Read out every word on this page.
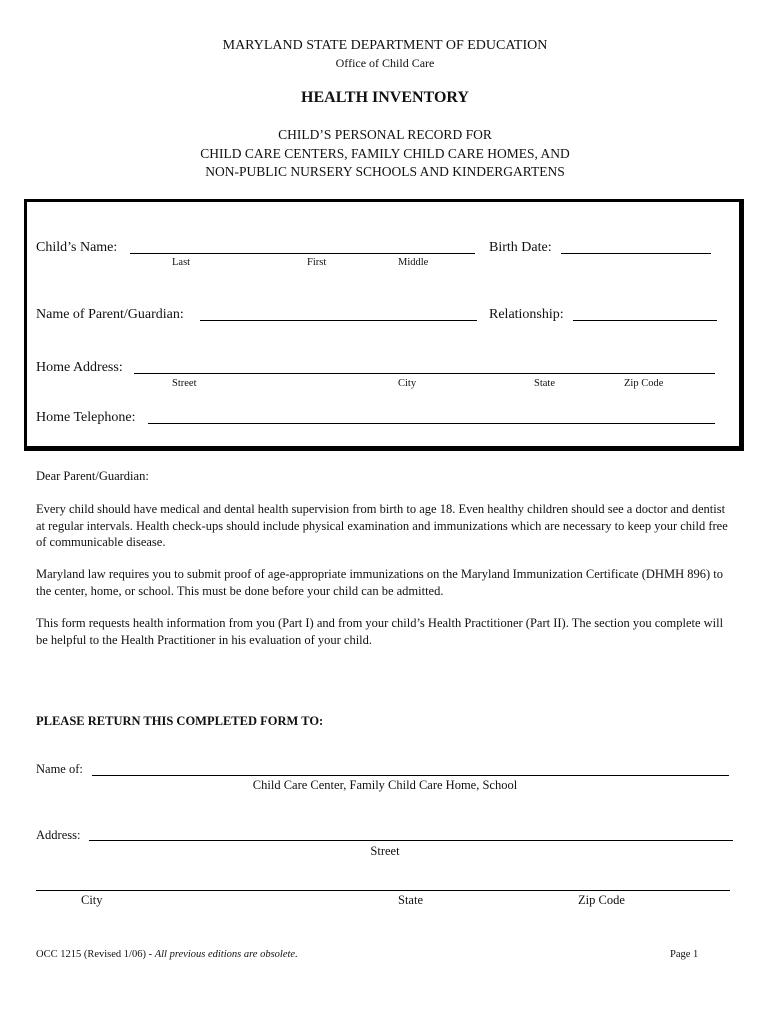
MARYLAND STATE DEPARTMENT OF EDUCATION
Office of Child Care
HEALTH INVENTORY
CHILD’S PERSONAL RECORD FOR
CHILD CARE CENTERS, FAMILY CHILD CARE HOMES, AND
NON-PUBLIC NURSERY SCHOOLS AND KINDERGARTENS
Child’s Name:
Last	First	Middle
Birth Date:
Name of Parent/Guardian:	Relationship:
Home Address:
Street	City	State	Zip Code
Home Telephone:
Dear Parent/Guardian:
Every child should have medical and dental health supervision from birth to age 18. Even healthy children should see a doctor and dentist at regular intervals. Health check-ups should include physical examination and immunizations which are necessary to keep your child free of communicable disease.
Maryland law requires you to submit proof of age-appropriate immunizations on the Maryland Immunization Certificate (DHMH 896) to the center, home, or school. This must be done before your child can be admitted.
This form requests health information from you (Part I) and from your child’s Health Practitioner (Part II). The section you complete will be helpful to the Health Practitioner in his evaluation of your child.
PLEASE RETURN THIS COMPLETED FORM TO:
Name of:
Child Care Center, Family Child Care Home, School
Address:
Street
City	State	Zip Code
OCC 1215 (Revised 1/06) - All previous editions are obsolete.	Page 1
